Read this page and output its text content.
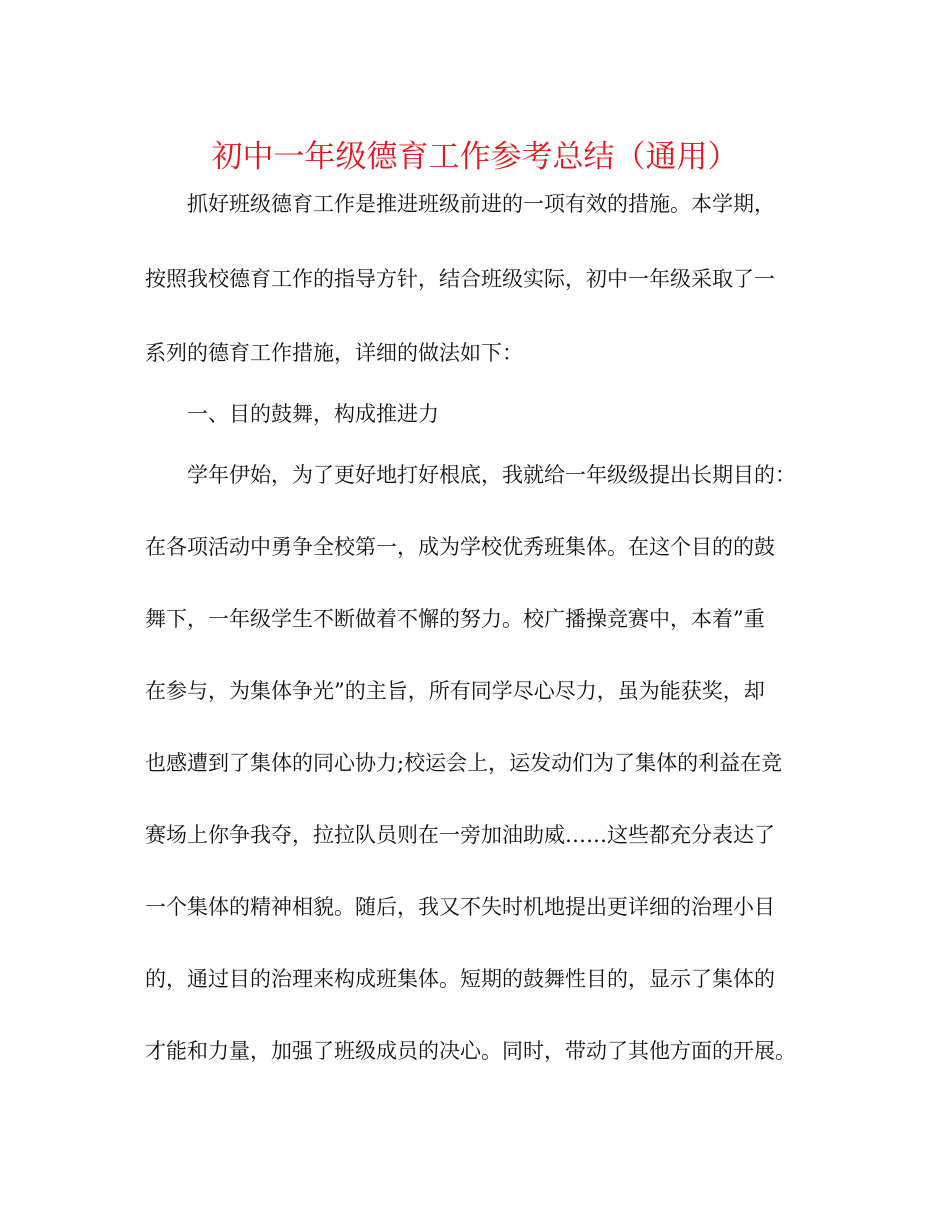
初中一年级德育工作参考总结（通用）
抓好班级德育工作是推进班级前进的一项有效的措施。本学期，
按照我校德育工作的指导方针，结合班级实际，初中一年级采取了一
系列的德育工作措施，详细的做法如下：
一、目的鼓舞，构成推进力
学年伊始，为了更好地打好根底，我就给一年级级提出长期目的：
在各项活动中勇争全校第一，成为学校优秀班集体。在这个目的的鼓
舞下，一年级学生不断做着不懈的努力。校广播操竞赛中，本着”重
在参与，为集体争光”的主旨，所有同学尽心尽力，虽为能获奖，却
也感遭到了集体的同心协力;校运会上，运发动们为了集体的利益在竞
赛场上你争我夺，拉拉队员则在一旁加油助威……这些都充分表达了
一个集体的精神相貌。随后，我又不失时机地提出更详细的治理小目
的，通过目的治理来构成班集体。短期的鼓舞性目的，显示了集体的
才能和力量，加强了班级成员的决心。同时，带动了其他方面的开展。
